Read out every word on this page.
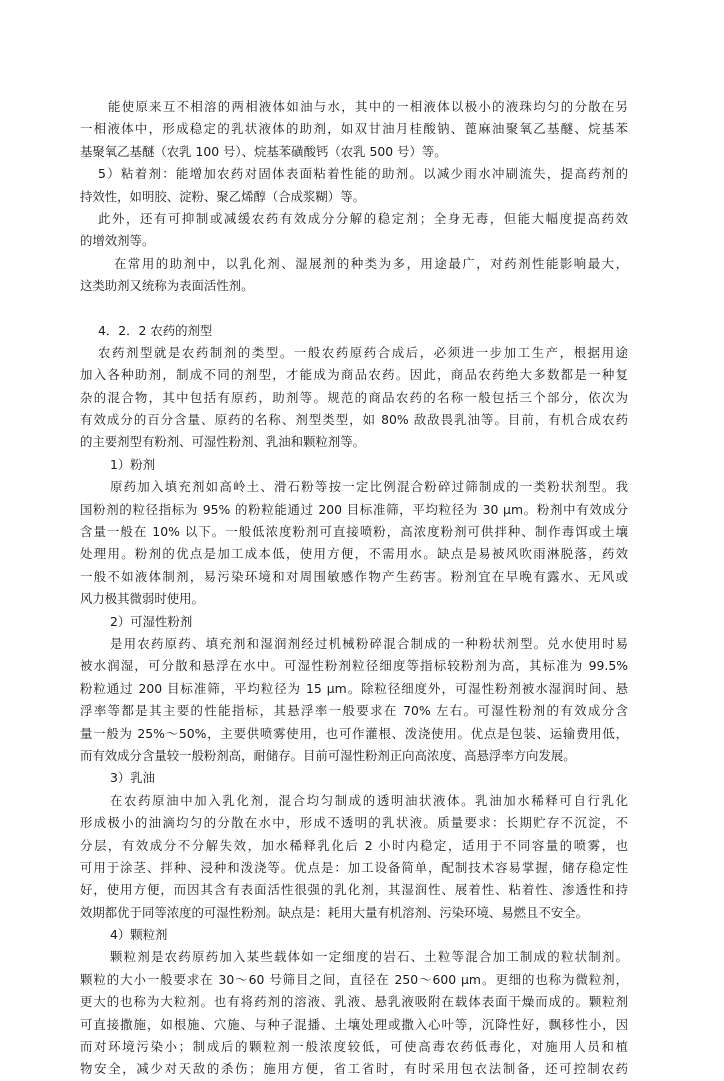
能使原来互不相溶的两相液体如油与水，其中的一相液体以极小的液珠均匀的分散在另
一相液体中，形成稳定的乳状液体的助剂，如双甘油月桂酸钠、蓖麻油聚氧乙基醚、烷基苯
基聚氧乙基醚（农乳 100 号）、烷基苯磺酸钙（农乳 500 号）等。
5）粘着剂：能增加农药对固体表面粘着性能的助剂。以减少雨水冲刷流失，提高药剂的
持效性，如明胶、淀粉、聚乙烯醇（合成浆糊）等。
此外，还有可抑制或减缓农药有效成分分解的稳定剂；全身无毒，但能大幅度提高药效
的增效剂等。
在常用的助剂中，以乳化剂、湿展剂的种类为多，用途最广，对药剂性能影响最大，
这类助剂又统称为表面活性剂。
4．2．2 农药的剂型
农药剂型就是农药制剂的类型。一般农药原药合成后，必须进一步加工生产，根据用途
加入各种助剂，制成不同的剂型，才能成为商品农药。因此，商品农药绝大多数都是一种复
杂的混合物，其中包括有原药，助剂等。规范的商品农药的名称一般包括三个部分，依次为
有效成分的百分含量、原药的名称、剂型类型，如 80% 敌敌畏乳油等。目前，有机合成农药
的主要剂型有粉剂、可湿性粉剂、乳油和颗粒剂等。
1）粉剂
原药加入填充剂如高岭土、滑石粉等按一定比例混合粉碎过筛制成的一类粉状剂型。我
国粉剂的粒径指标为 95% 的粉粒能通过 200 目标准筛，平均粒径为 30 μm。粉剂中有效成分
含量一般在 10% 以下。一般低浓度粉剂可直接喷粉，高浓度粉剂可供拌种、制作毒饵或土壤
处理用。粉剂的优点是加工成本低，使用方便，不需用水。缺点是易被风吹雨淋脱落，药效
一般不如液体制剂，易污染环境和对周围敏感作物产生药害。粉剂宜在早晚有露水、无风或
风力极其微弱时使用。
2）可湿性粉剂
是用农药原药、填充剂和湿润剂经过机械粉碎混合制成的一种粉状剂型。兑水使用时易
被水润湿，可分散和悬浮在水中。可湿性粉剂粒径细度等指标较粉剂为高，其标准为 99.5%
粉粒通过 200 目标准筛，平均粒径为 15 μm。除粒径细度外，可湿性粉剂被水湿润时间、悬
浮率等都是其主要的性能指标，其悬浮率一般要求在 70% 左右。可湿性粉剂的有效成分含
量一般为 25%～50%，主要供喷雾使用，也可作灌根、泼浇使用。优点是包装、运输费用低，
而有效成分含量较一般粉剂高，耐储存。目前可湿性粉剂正向高浓度、高悬浮率方向发展。
3）乳油
在农药原油中加入乳化剂，混合均匀制成的透明油状液体。乳油加水稀释可自行乳化
形成极小的油滴均匀的分散在水中，形成不透明的乳状液。质量要求：长期贮存不沉淀，不
分层，有效成分不分解失效，加水稀释乳化后 2 小时内稳定，适用于不同容量的喷雾，也
可用于涂茎、拌种、浸种和泼浇等。优点是：加工设备简单，配制技术容易掌握，储存稳定性
好，使用方便，而因其含有表面活性很强的乳化剂，其湿润性、展着性、粘着性、渗透性和持
效期都优于同等浓度的可湿性粉剂。缺点是：耗用大量有机溶剂、污染环境、易燃且不安全。
4）颗粒剂
颗粒剂是农药原药加入某些载体如一定细度的岩石、土粒等混合加工制成的粒状制剂。
颗粒的大小一般要求在 30～60 号筛目之间，直径在 250～600 μm。更细的也称为微粒剂，
更大的也称为大粒剂。也有将药剂的溶液、乳液、悬乳液吸附在载体表面干燥而成的。颗粒剂
可直接撒施，如根施、穴施、与种子混播、土壤处理或撒入心叶等，沉降性好，飘移性小，因
而对环境污染小；制成后的颗粒剂一般浓度较低，可使高毒农药低毒化，对施用人员和植
物安全，减少对天敌的杀伤；施用方便，省工省时，有时采用包衣法制备，还可控制农药
